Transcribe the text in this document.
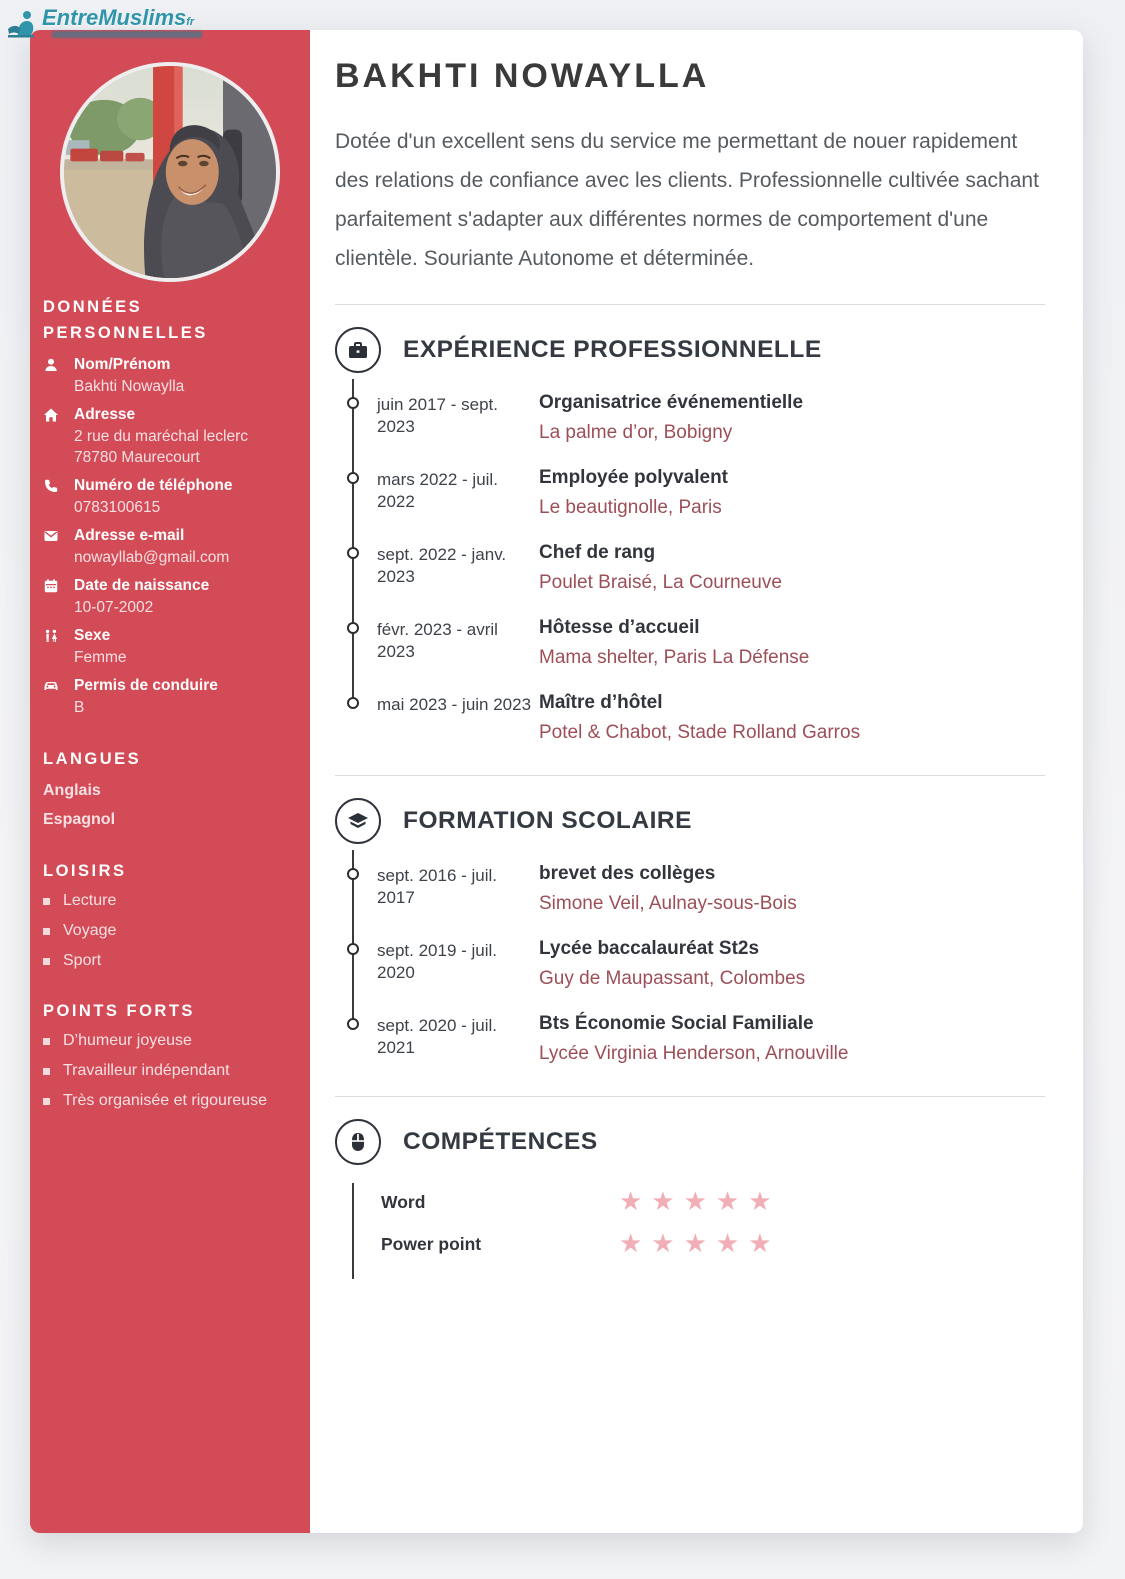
EntreMuslimsfr
DONNÉES PERSONNELLES
Nom/Prénom
Bakhti Nowaylla
Adresse
2 rue du maréchal leclerc
78780 Maurecourt
Numéro de téléphone
0783100615
Adresse e-mail
nowayllab@gmail.com
Date de naissance
10-07-2002
Sexe
Femme
Permis de conduire
B
LANGUES
Anglais
Espagnol
LOISIRS
Lecture
Voyage
Sport
POINTS FORTS
D’humeur joyeuse
Travailleur indépendant
Très organisée et rigoureuse
BAKHTI NOWAYLLA

Dotée d'un excellent sens du service me permettant de nouer rapidement des relations de confiance avec les clients. Professionnelle cultivée sachant parfaitement s'adapter aux différentes normes de comportement d'une clientèle. Souriante Autonome et déterminée.

EXPÉRIENCE PROFESSIONNELLE
juin 2017 - sept. 2023
Organisatrice événementielle
La palme d’or, Bobigny
mars 2022 - juil. 2022
Employée polyvalent
Le beautignolle, Paris
sept. 2022 - janv. 2023
Chef de rang
Poulet Braisé, La Courneuve
févr. 2023 - avril 2023
Hôtesse d’accueil
Mama shelter, Paris La Défense
mai 2023 - juin 2023 Maître d’hôtel
Potel & Chabot, Stade Rolland Garros
FORMATION SCOLAIRE
sept. 2016 - juil. 2017
brevet des collèges
Simone Veil, Aulnay-sous-Bois
sept. 2019 - juil. 2020
Lycée baccalauréat St2s
Guy de Maupassant, Colombes
sept. 2020 - juil. 2021
Bts Économie Social Familiale
Lycée Virginia Henderson, Arnouville
COMPÉTENCES
Word	★★★★★
Power point	★★★★★
